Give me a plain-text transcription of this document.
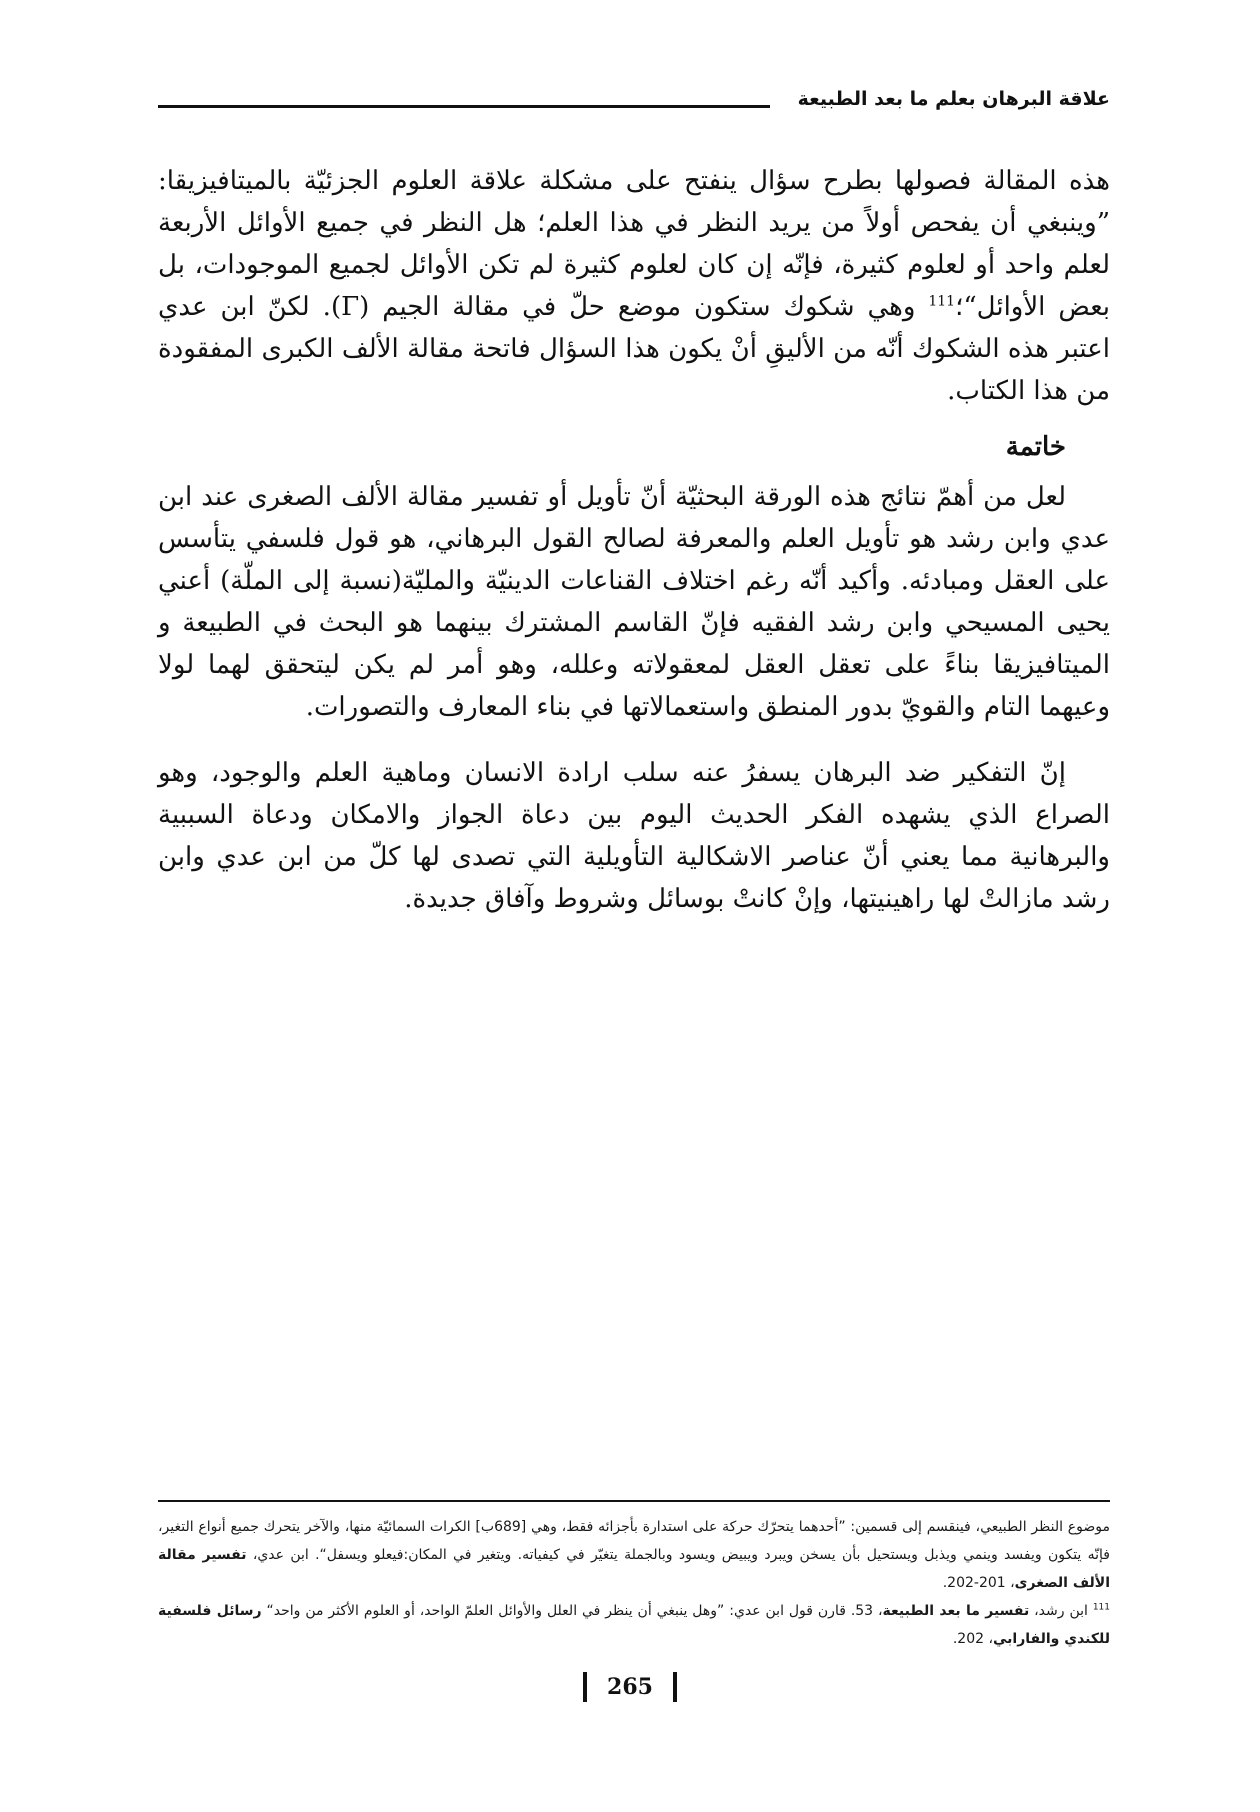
علاقة البرهان بعلم ما بعد الطبيعة

هذه المقالة فصولها بطرح سؤال ينفتح على مشكلة علاقة العلوم الجزئيّة بالميتافيزيقا: ”وينبغي أن يفحص أولاً من يريد النظر في هذا العلم؛ هل النظر في جميع الأوائل الأربعة لعلم واحد أو لعلوم كثيرة، فإنّه إن كان لعلوم كثيرة لم تكن الأوائل لجميع الموجودات، بل بعض الأوائل“؛$^{111}$ وهي شكوك ستكون موضع حلّ في مقالة الجيم (Γ). لكنّ ابن عدي اعتبر هذه الشكوك أنّه من الأليقِ أنْ يكون هذا السؤال فاتحة مقالة الألف الكبرى المفقودة من هذا الكتاب.

خاتمة

لعل من أهمّ نتائج هذه الورقة البحثيّة أنّ تأويل أو تفسير مقالة الألف الصغرى عند ابن عدي وابن رشد هو تأويل العلم والمعرفة لصالح القول البرهاني، هو قول فلسفي يتأسس على العقل ومبادئه. وأكيد أنّه رغم اختلاف القناعات الدينيّة والمليّة(نسبة إلى الملّة) أعني يحيى المسيحي وابن رشد الفقيه فإنّ القاسم المشترك بينهما هو البحث في الطبيعة و الميتافيزيقا بناءً على تعقل العقل لمعقولاته وعلله، وهو أمر لم يكن ليتحقق لهما لولا وعيهما التام والقويّ بدور المنطق واستعمالاتها في بناء المعارف والتصورات.

إنّ التفكير ضد البرهان يسفرُ عنه سلب ارادة الانسان وماهية العلم والوجود، وهو الصراع الذي يشهده الفكر الحديث اليوم بين دعاة الجواز والامكان ودعاة السببية والبرهانية مما يعني أنّ عناصر الاشكالية التأويلية التي تصدى لها كلّ من ابن عدي وابن رشد مازالتْ لها راهينيتها، وإنْ كانتْ بوسائل وشروط وآفاق جديدة.

موضوع النظر الطبيعي، فينقسم إلى قسمين: ”أحدهما يتحرّك حركة على استدارة بأجزائه فقط، وهي [689ب] الكرات السمائيّة منها، والآخر يتحرك جميع أنواع التغير، فإنّه يتكون ويفسد وينمي ويذبل ويستحيل بأن يسخن ويبرد ويبيض ويسود وبالجملة يتغيّر في كيفياته. ويتغير في المكان:فيعلو ويسفل“. ابن عدي، تفسير مقالة الألف الصغرى، 201-202.

$^{111}$ ابن رشد، تفسير ما بعد الطبيعة، 53. قارن قول ابن عدي: ”وهل ينبغي أن ينظر في العلل والأوائل العلمّ الواحد، أو العلوم الأكثر من واحد“ رسائل فلسفية للكندي والفارابي، 202.

265
